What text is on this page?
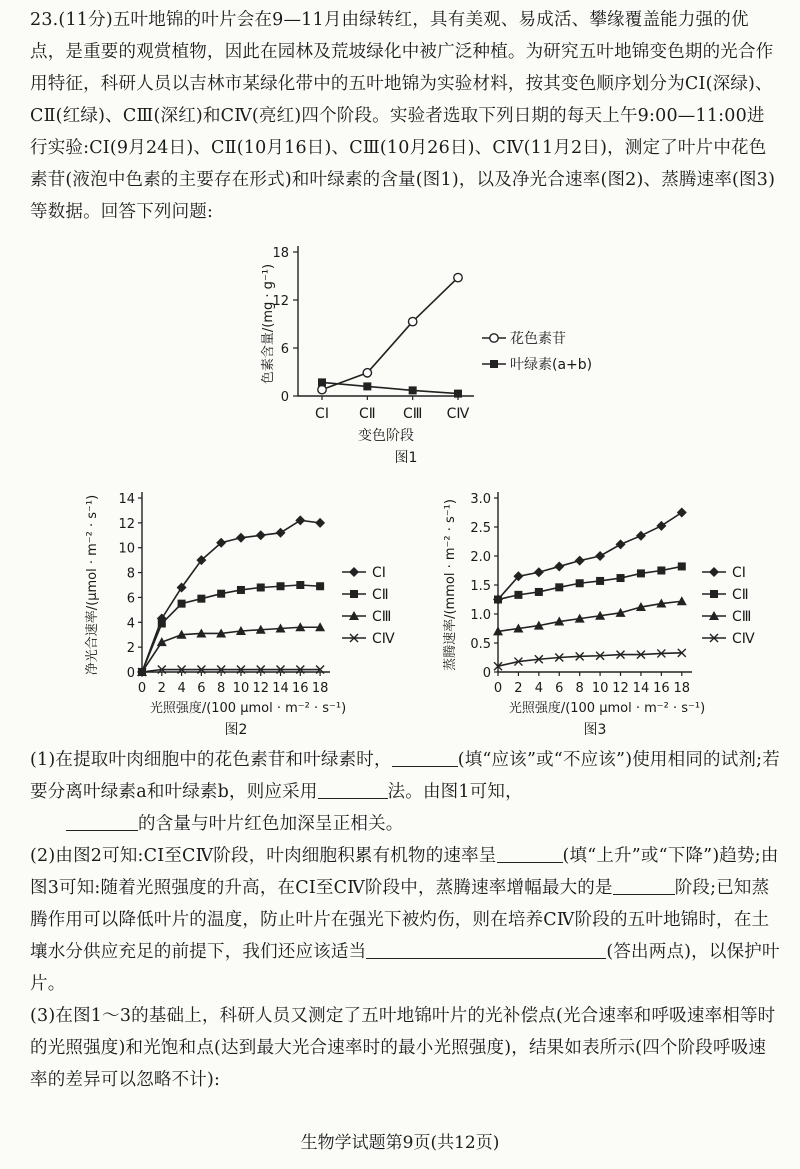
23.(11分)五叶地锦的叶片会在9—11月由绿转红，具有美观、易成活、攀缘覆盖能力强的优点，是重要的观赏植物，因此在园林及荒坡绿化中被广泛种植。为研究五叶地锦变色期的光合作用特征，科研人员以吉林市某绿化带中的五叶地锦为实验材料，按其变色顺序划分为CⅠ(深绿)、CⅡ(红绿)、CⅢ(深红)和CⅣ(亮红)四个阶段。实验者选取下列日期的每天上午9:00—11:00进行实验:CⅠ(9月24日)、CⅡ(10月16日)、CⅢ(10月26日)、CⅣ(11月2日)，测定了叶片中花色素苷(液泡中色素的主要存在形式)和叶绿素的含量(图1)，以及净光合速率(图2)、蒸腾速率(图3)等数据。回答下列问题:
0
6
12
18
CⅠ CⅡ CⅢ CⅣ
变色阶段
图1
色素含量/(mg · g⁻¹)	花色素苷
叶绿素(a+b)
0
2
4
6
8
10
12
14
0 2 4 6 8 10 12 14 16 18
光照强度/(100 μmol · m⁻² · s⁻¹)
图2
净光合速率/(μmol · m⁻² · s⁻¹)	CⅠ
CⅡ
CⅢ
CⅣ
0
0.5
1.0
1.5
2.0
2.5
3.0
0 2 4 6 8 10 12 14 16 18
光照强度/(100 μmol · m⁻² · s⁻¹)
图3
蒸腾速率/(mmol · m⁻² · s⁻¹)	CⅠ
CⅡ
CⅢ
CⅣ
(1)在提取叶肉细胞中的花色素苷和叶绿素时，	(填“应该”或“不应该”)使用相同的试剂;若要分离叶绿素a和叶绿素b，则应采用	法。由图1可知，
的含量与叶片红色加深呈正相关。
(2)由图2可知:CⅠ至CⅣ阶段，叶肉细胞积累有机物的速率呈	(填“上升”或“下降”)趋势;由图3可知:随着光照强度的升高，在CⅠ至CⅣ阶段中，蒸腾速率增幅最大的是	阶段;已知蒸腾作用可以降低叶片的温度，防止叶片在强光下被灼伤，则在培养CⅣ阶段的五叶地锦时，在土壤水分供应充足的前提下，我们还应该适当	(答出两点)，以保护叶片。
(3)在图1～3的基础上，科研人员又测定了五叶地锦叶片的光补偿点(光合速率和呼吸速率相等时的光照强度)和光饱和点(达到最大光合速率时的最小光照强度)，结果如表所示(四个阶段呼吸速率的差异可以忽略不计):
生物学试题第9页(共12页)
